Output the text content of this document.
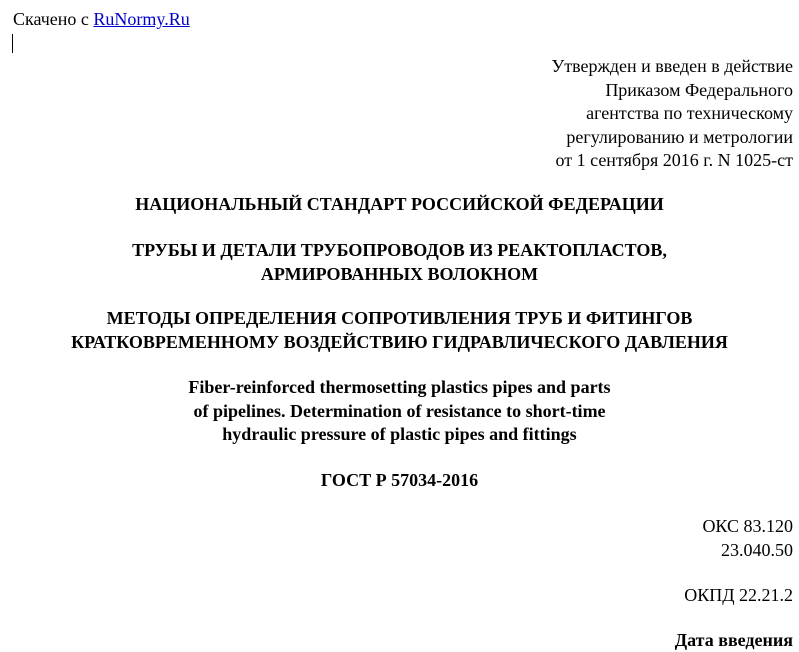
Скачено с RuNormy.Ru
Утвержден и введен в действие
Приказом Федерального
агентства по техническому
регулированию и метрологии
от 1 сентября 2016 г. N 1025-ст
НАЦИОНАЛЬНЫЙ СТАНДАРТ РОССИЙСКОЙ ФЕДЕРАЦИИ
ТРУБЫ И ДЕТАЛИ ТРУБОПРОВОДОВ ИЗ РЕАКТОПЛАСТОВ,
АРМИРОВАННЫХ ВОЛОКНОМ
МЕТОДЫ ОПРЕДЕЛЕНИЯ СОПРОТИВЛЕНИЯ ТРУБ И ФИТИНГОВ
КРАТКОВРЕМЕННОМУ ВОЗДЕЙСТВИЮ ГИДРАВЛИЧЕСКОГО ДАВЛЕНИЯ
Fiber-reinforced thermosetting plastics pipes and parts
of pipelines. Determination of resistance to short-time
hydraulic pressure of plastic pipes and fittings
ГОСТ Р 57034-2016
ОКС 83.120
23.040.50
ОКПД 22.21.2
Дата введения
